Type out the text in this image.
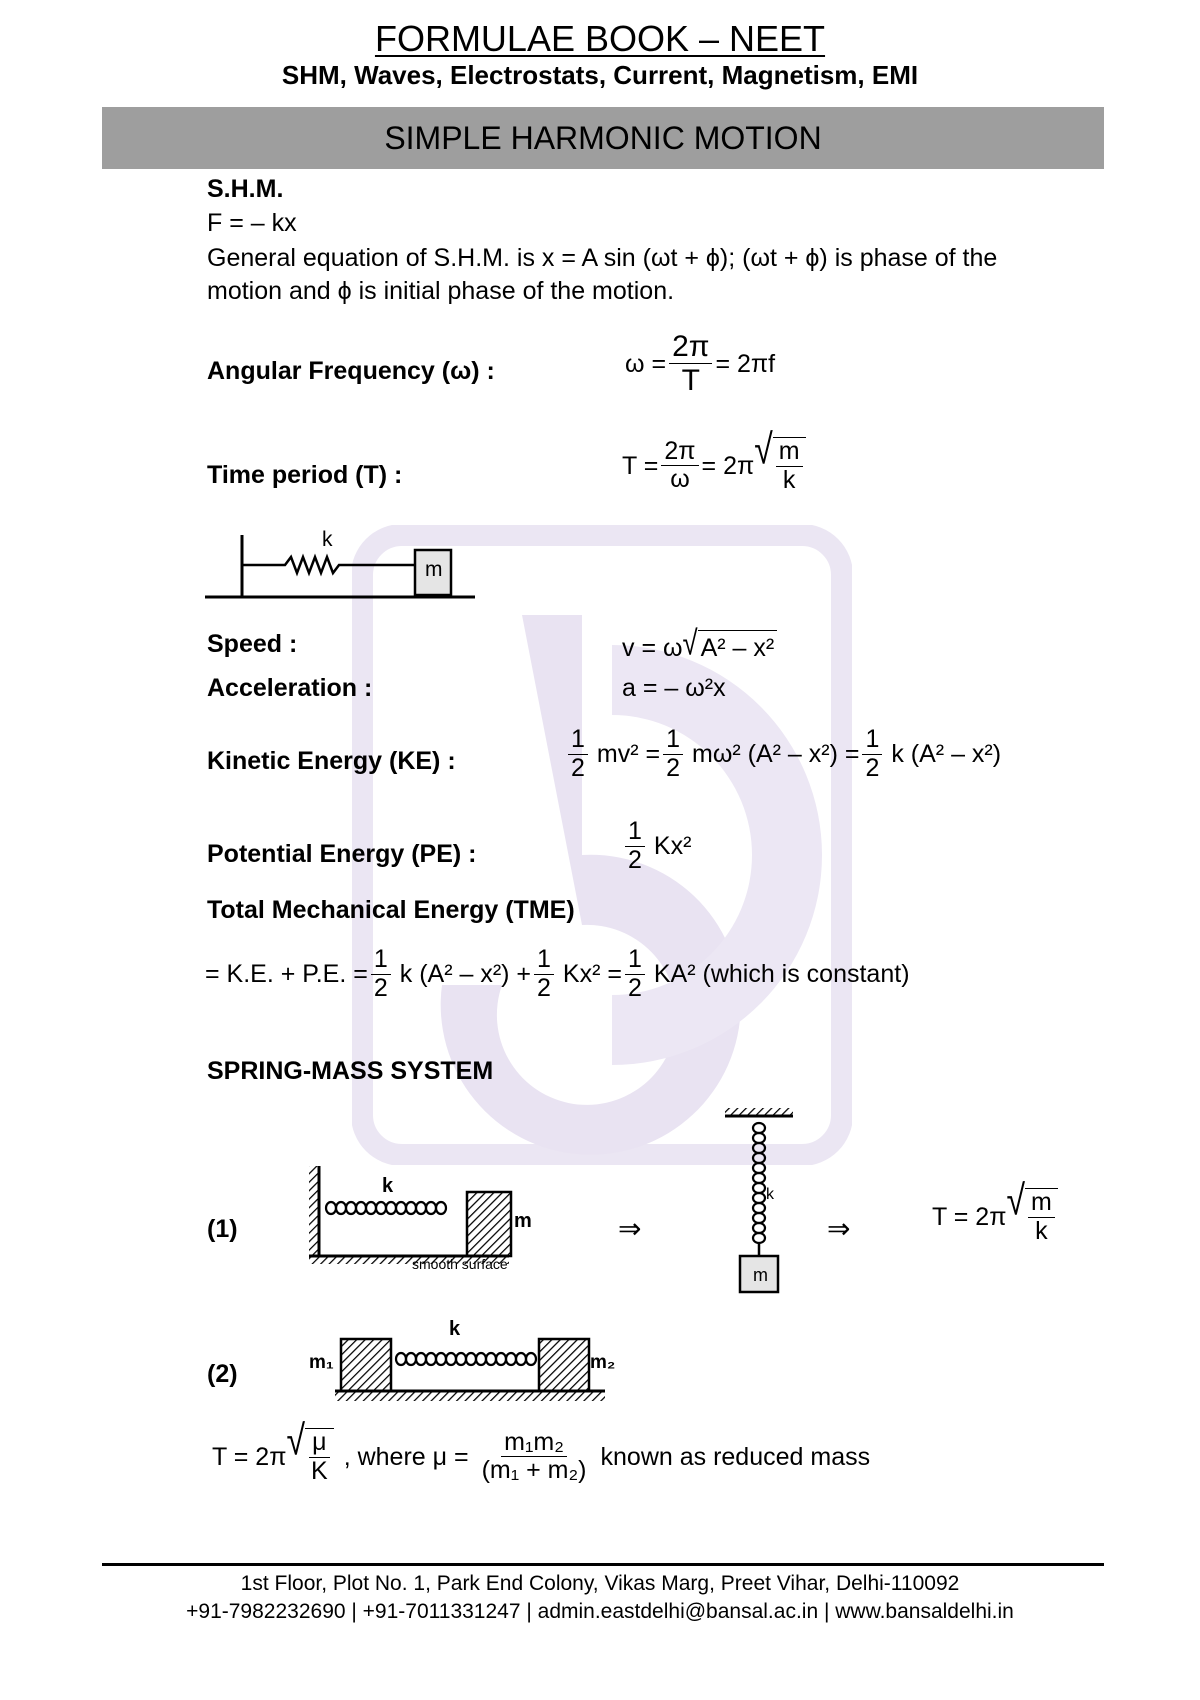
FORMULAE BOOK – NEET
SHM, Waves, Electrostats, Current, Magnetism, EMI
SIMPLE HARMONIC MOTION
S.H.M.
F = – kx
General equation of S.H.M. is x = A sin (ωt + ϕ); (ωt + ϕ) is phase of the
motion and ϕ is initial phase of the motion.
Angular Frequency (ω) :	$\omega = \frac{2\pi}{T} = 2\pi f$
Time period (T) :	$T = \frac{2\pi}{\omega} = 2\pi$ √ $\frac{m}{k}$
k
m
Speed :	v = ω √ A² – x²
Acceleration :	a = – ω²x
Kinetic Energy (KE) :	$\frac{1}{2} mv^2 = \frac{1}{2} m\omega^2$ $(A^2 - x^2) = \frac{1}{2}$ k (A² – x²)
Potential Energy (PE) :	$\frac{1}{2} Kx^2$
Total Mechanical Energy (TME)
= K.E. + P.E. = $\frac{1}{2}$ k $(A^2 - x^2) + \frac{1}{2} Kx^2 = \frac{1}{2} KA^2$ (which is constant)
SPRING-MASS SYSTEM
(1)
k
m
smooth surface
⇒
k
m
⇒	T = 2π √ $\frac{m}{k}$
(2)
k
m₁	m₂
T = 2π √ $\frac{\mu}{K}$ , where $\mu = \frac{\text{m₁m₂}}{\text{(m₁ + m₂)}}$ known as reduced mass
1st Floor, Plot No. 1, Park End Colony, Vikas Marg, Preet Vihar, Delhi-110092
+91-7982232690 | +91-7011331247 | admin.eastdelhi@bansal.ac.in | www.bansaldelhi.in
